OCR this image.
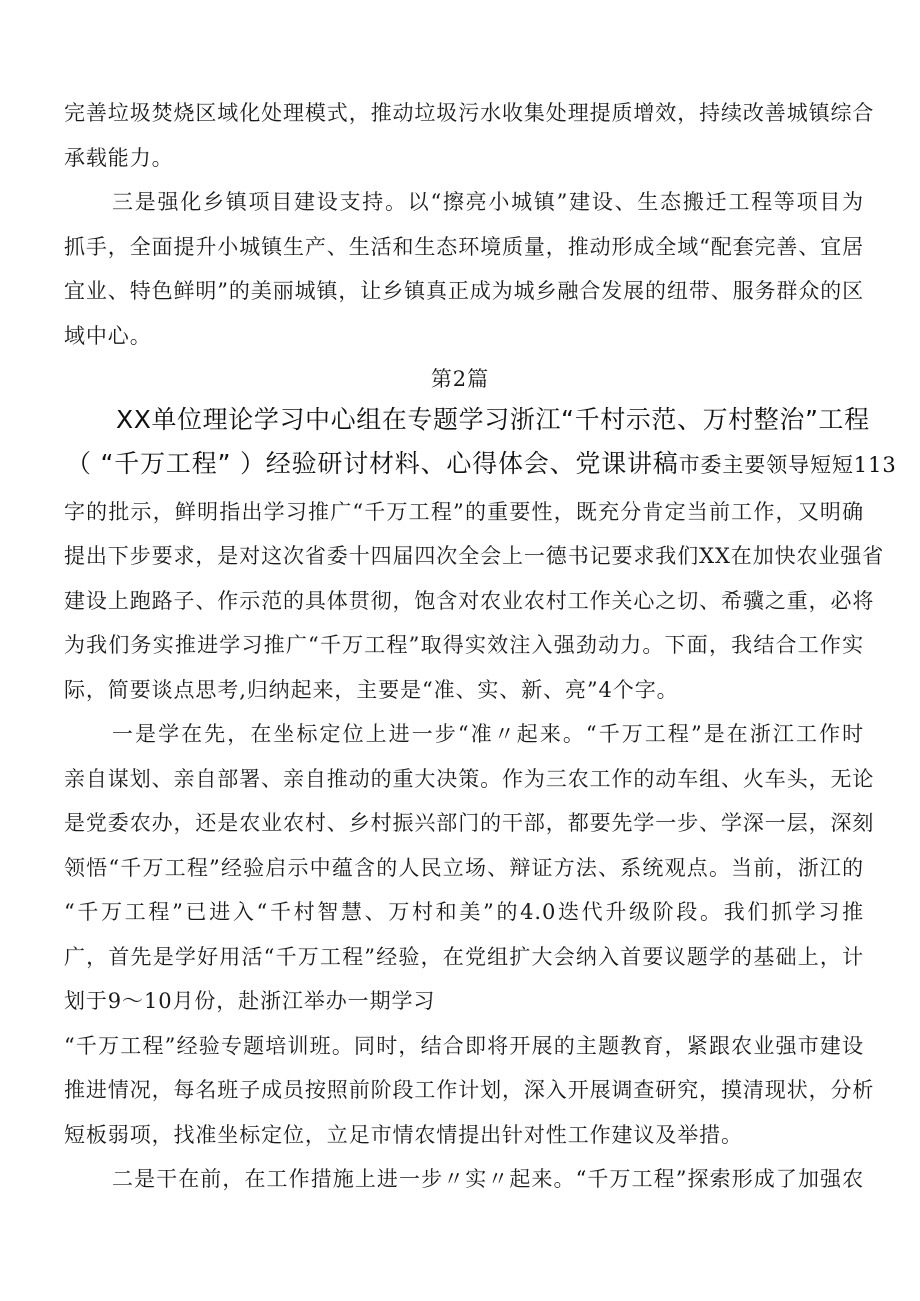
完善垃圾焚烧区域化处理模式，推动垃圾污水收集处理提质增效，持续改善城镇综合
承载能力。
三是强化乡镇项目建设支持。以“擦亮小城镇”建设、生态搬迁工程等项目为
抓手，全面提升小城镇生产、生活和生态环境质量，推动形成全域“配套完善、宜居
宜业、特色鲜明”的美丽城镇，让乡镇真正成为城乡融合发展的纽带、服务群众的区
域中心。
第2篇
XX单位理论学习中心组在专题学习浙江“千村示范、万村整治”工程
（ “千万工程” ）经验研讨材料、心得体会、党课讲稿市委主要领导短短113
字的批示，鲜明指出学习推广“千万工程”的重要性，既充分肯定当前工作，又明确
提出下步要求，是对这次省委十四届四次全会上一德书记要求我们XX在加快农业强省
建设上跑路子、作示范的具体贯彻，饱含对农业农村工作关心之切、希骥之重，必将
为我们务实推进学习推广“千万工程”取得实效注入强劲动力。下面，我结合工作实
际，简要谈点思考,归纳起来，主要是“准、实、新、亮”4个字。
一是学在先，在坐标定位上进一步“准〃起来。“千万工程”是在浙江工作时
亲自谋划、亲自部署、亲自推动的重大决策。作为三农工作的动车组、火车头，无论
是党委农办，还是农业农村、乡村振兴部门的干部，都要先学一步、学深一层，深刻
领悟“千万工程”经验启示中蕴含的人民立场、辩证方法、系统观点。当前，浙江的
“千万工程”已进入“千村智慧、万村和美”的4.0迭代升级阶段。我们抓学习推
广，首先是学好用活“千万工程”经验，在党组扩大会纳入首要议题学的基础上，计
划于9〜10月份，赴浙江举办一期学习
“千万工程”经验专题培训班。同时，结合即将开展的主题教育，紧跟农业强市建设
推进情况，每名班子成员按照前阶段工作计划，深入开展调查研究，摸清现状，分析
短板弱项，找准坐标定位，立足市情农情提出针对性工作建议及举措。
二是干在前，在工作措施上进一步〃实〃起来。“千万工程”探索形成了加强农
